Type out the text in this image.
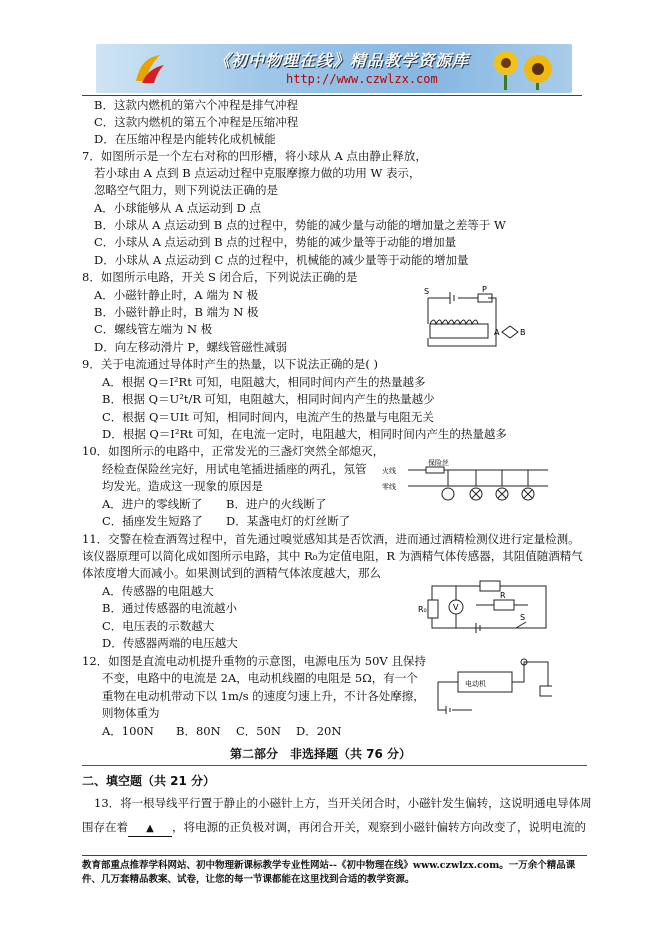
《初中物理在线》精品教学资源库
http://www.czwlzx.com
B．这款内燃机的第六个冲程是排气冲程
C．这款内燃机的第五个冲程是压缩冲程
D．在压缩冲程是内能转化成机械能
7．如图所示是一个左右对称的凹形槽，将小球从 A 点由静止释放，
若小球由 A 点到 B 点运动过程中克服摩擦力做的功用 W 表示，
忽略空气阻力，则下列说法正确的是
A．小球能够从 A 点运动到 D 点
B．小球从 A 点运动到 B 点的过程中，势能的减少量与动能的增加量之差等于 W
C．小球从 A 点运动到 B 点的过程中，势能的减少量等于动能的增加量
D．小球从 A 点运动到 C 点的过程中，机械能的减少量等于动能的增加量
8．如图所示电路，开关 S 闭合后，下列说法正确的是
A．小磁针静止时，A 端为 N 极
B．小磁针静止时，B 端为 N 极
C．螺线管左端为 N 极
D．向左移动滑片 P，螺线管磁性减弱
S	P
A	B
9．关于电流通过导体时产生的热量，以下说法正确的是( )
A．根据 Q＝I²Rt 可知，电阻越大，相同时间内产生的热量越多
B．根据 Q＝U²t/R 可知，电阻越大，相同时间内产生的热量越少
C．根据 Q＝UIt 可知，相同时间内，电流产生的热量与电阻无关
D．根据 Q＝I²Rt 可知，在电流一定时，电阻越大，相同时间内产生的热量越多
10．如图所示的电路中，正常发光的三盏灯突然全部熄灭，
经检查保险丝完好，用试电笔插进插座的两孔，氖管
均发光。造成这一现象的原因是
A．进户的零线断了 B．进户的火线断了
C．插座发生短路了 D．某盏电灯的灯丝断了
保险丝
火线
零线
11．交警在检查酒驾过程中，首先通过嗅觉感知其是否饮酒，进而通过酒精检测仪进行定量检测。
该仪器原理可以简化成如图所示电路，其中 R₀为定值电阻，R 为酒精气体传感器，其阻值随酒精气
体浓度增大而减小。如果测试到的酒精气体浓度越大，那么
A．传感器的电阻越大
B．通过传感器的电流越小
C．电压表的示数越大
D．传感器两端的电压越大
R₀	V
R
S
12．如图是直流电动机提升重物的示意图，电源电压为 50V 且保持
不变，电路中的电流是 2A，电动机线圈的电阻是 5Ω，有一个
重物在电动机带动下以 1m/s 的速度匀速上升，不计各处摩擦，
则物体重为
A．100N B．80N C．50N D．20N
电动机
第二部分　非选择题（共 76 分）
二、填空题（共 21 分）
13．将一根导线平行置于静止的小磁针上方，当开关闭合时，小磁针发生偏转，这说明通电导体周
围存在着 ▲ ，将电源的正负极对调，再闭合开关，观察到小磁针偏转方向改变了，说明电流的
教育部重点推荐学科网站、初中物理新课标教学专业性网站--《初中物理在线》www.czwlzx.com。一万余个精品课
件、几万套精品教案、试卷，让您的每一节课都能在这里找到合适的教学资源。
